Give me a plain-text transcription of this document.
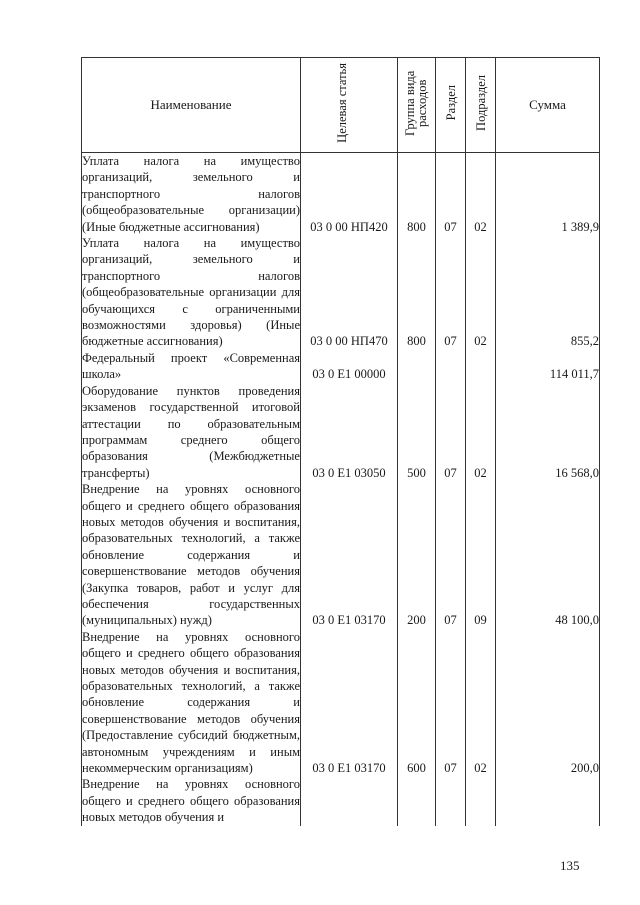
Наименование	Целевая статья	Группа вида расходов	Раздел	Подраздел	Сумма
Уплата налога на имущество организаций, земельного и транспортного налогов (общеобразовательные организации) (Иные бюджетные ассигнования)	03 0 00 НП420	800	07	02	1 389,9
Уплата налога на имущество организаций, земельного и транспортного налогов (общеобразовательные организации для обучающихся с ограниченными возможностями здоровья) (Иные бюджетные ассигнования)	03 0 00 НП470	800	07	02	855,2
Федеральный проект «Современная школа»	03 0 Е1 00000				114 011,7
Оборудование пунктов проведения экзаменов государственной итоговой аттестации по образовательным программам среднего общего образования (Межбюджетные трансферты)	03 0 Е1 03050	500	07	02	16 568,0
Внедрение на уровнях основного общего и среднего общего образования новых методов обучения и воспитания, образовательных технологий, а также обновление содержания и совершенствование методов обучения (Закупка товаров, работ и услуг для обеспечения государственных (муниципальных) нужд)	03 0 Е1 03170	200	07	09	48 100,0
Внедрение на уровнях основного общего и среднего общего образования новых методов обучения и воспитания, образовательных технологий, а также обновление содержания и совершенствование методов обучения (Предоставление субсидий бюджетным, автономным учреждениям и иным некоммерческим организациям)	03 0 Е1 03170	600	07	02	200,0
Внедрение на уровнях основного общего и среднего общего образования новых методов обучения и					
135
